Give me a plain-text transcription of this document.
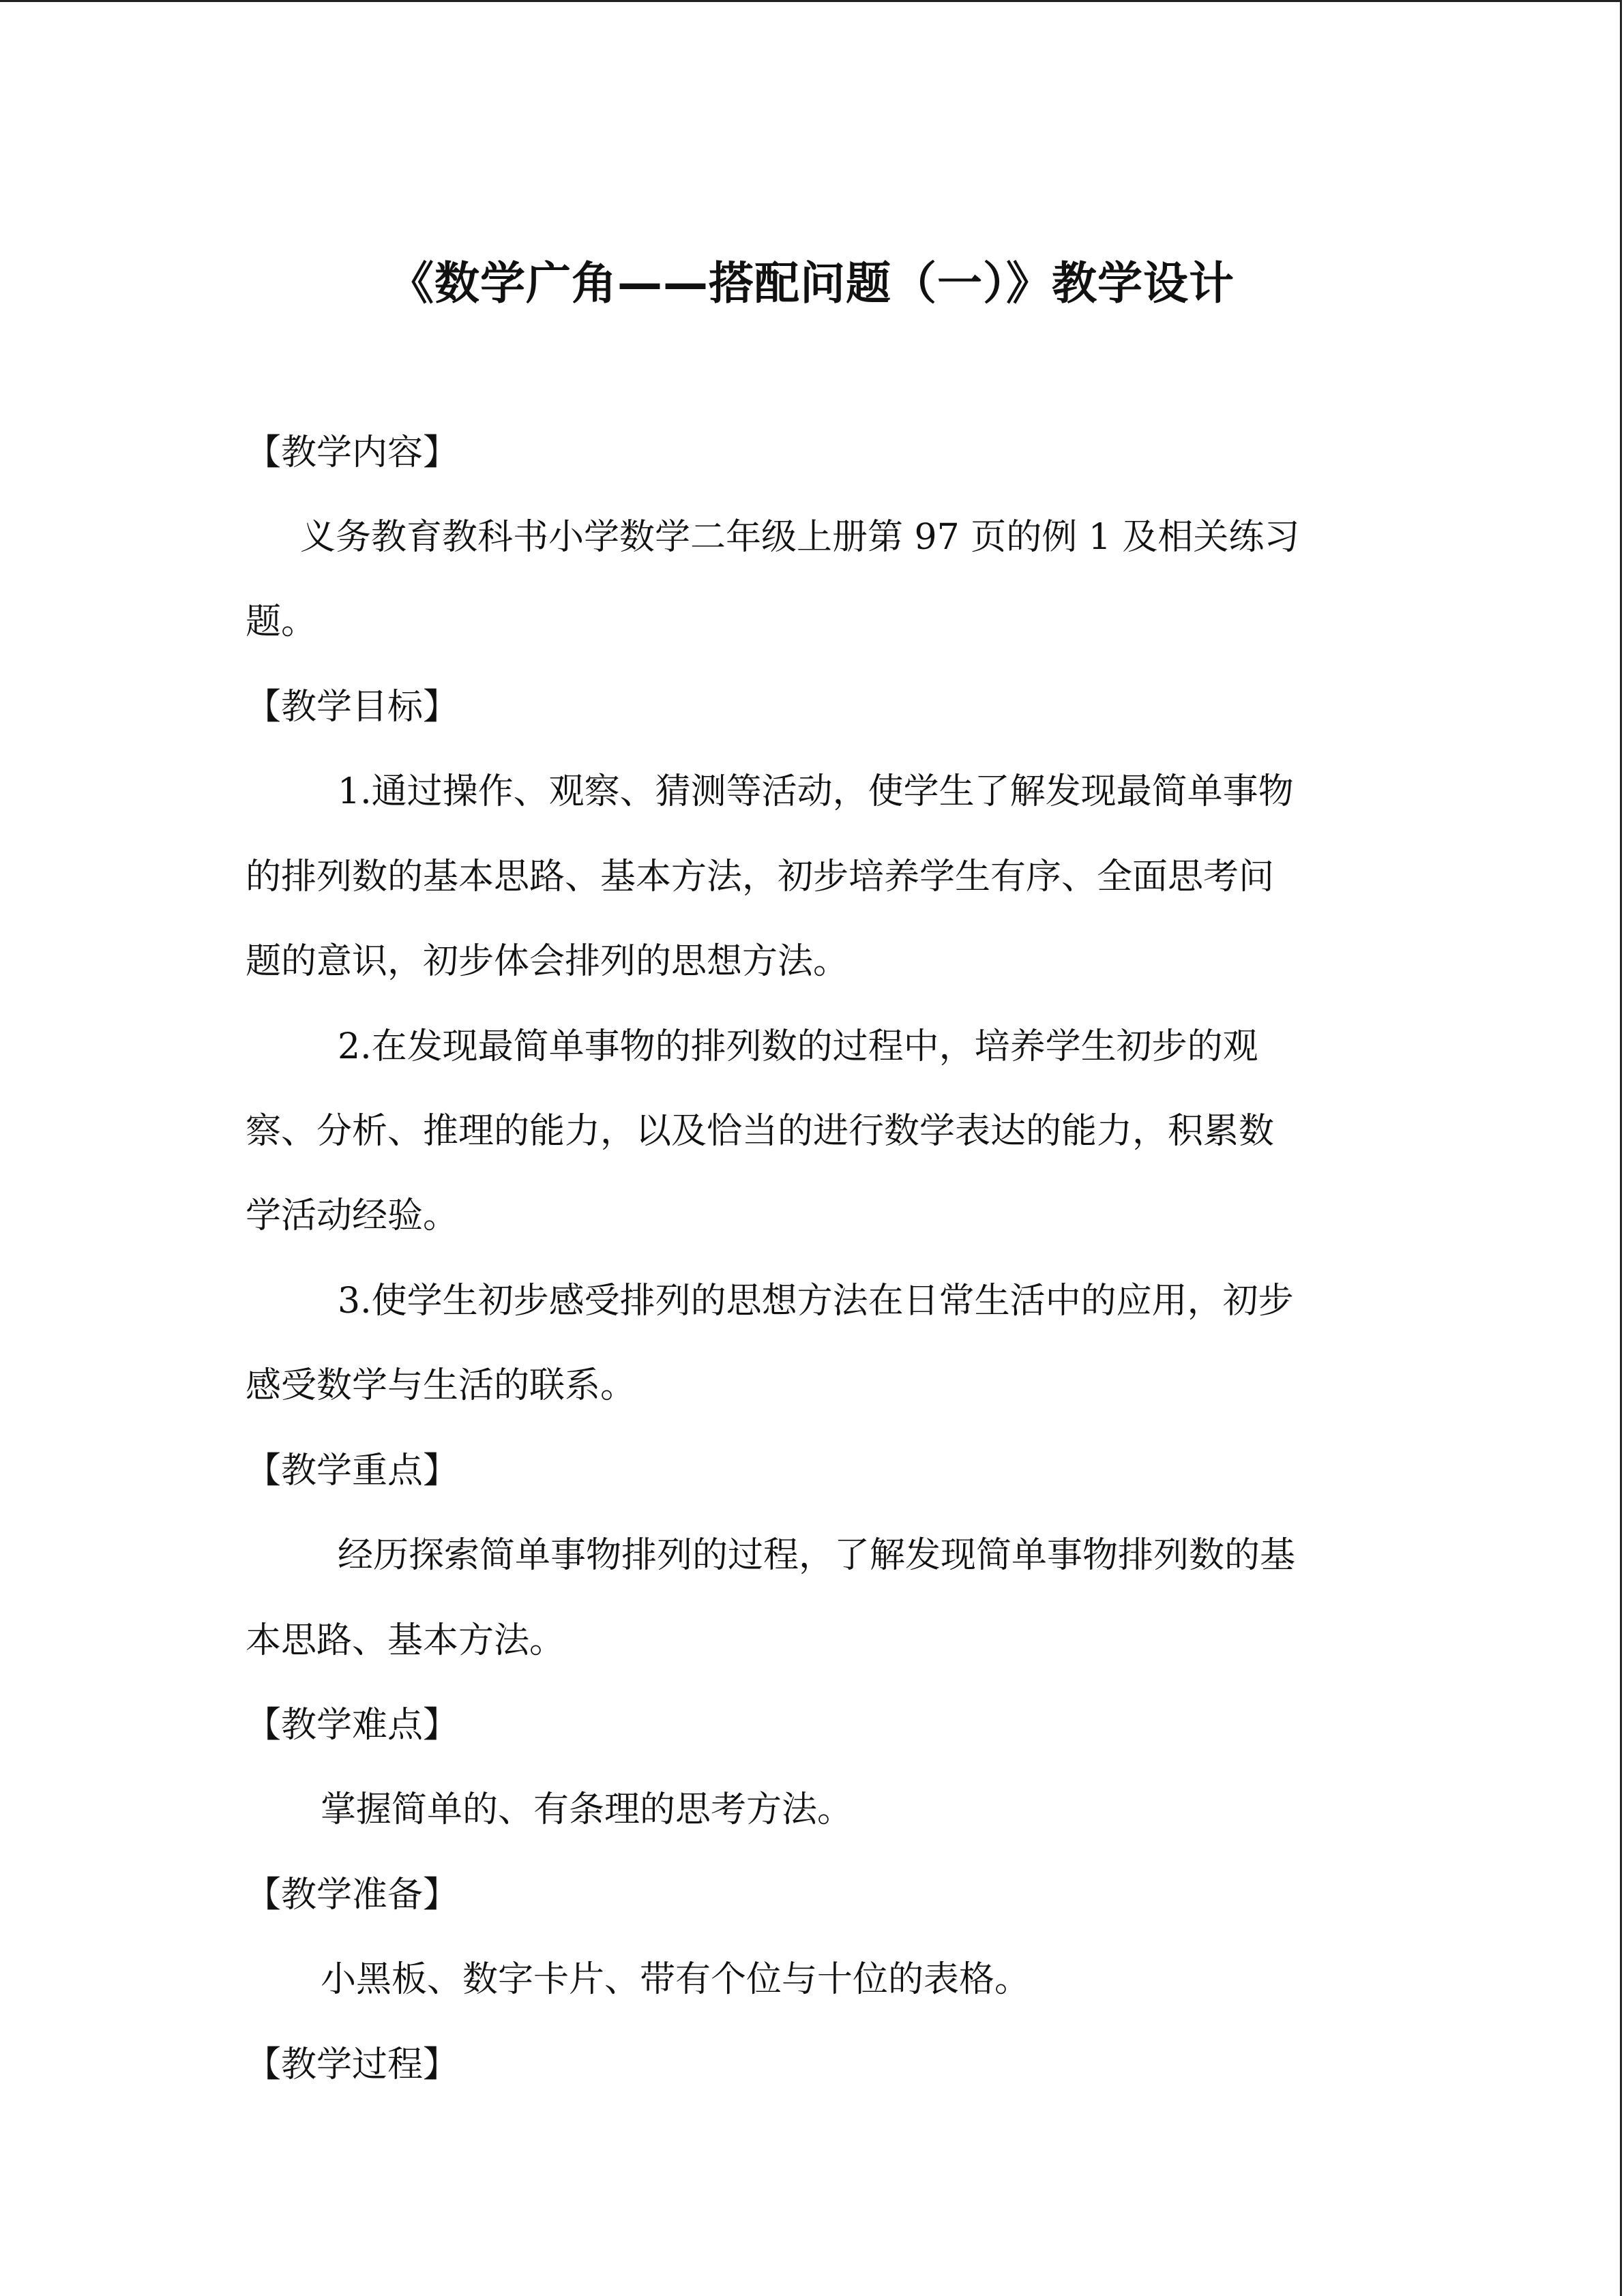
《数学广角——搭配问题（一）》教学设计
【教学内容】
义务教育教科书小学数学二年级上册第 97 页的例 1 及相关练习
题。
【教学目标】
1.通过操作、观察、猜测等活动，使学生了解发现最简单事物
的排列数的基本思路、基本方法，初步培养学生有序、全面思考问
题的意识，初步体会排列的思想方法。
2.在发现最简单事物的排列数的过程中，培养学生初步的观
察、分析、推理的能力，以及恰当的进行数学表达的能力，积累数
学活动经验。
3.使学生初步感受排列的思想方法在日常生活中的应用，初步
感受数学与生活的联系。
【教学重点】
经历探索简单事物排列的过程，了解发现简单事物排列数的基
本思路、基本方法。
【教学难点】
掌握简单的、有条理的思考方法。
【教学准备】
小黑板、数字卡片、带有个位与十位的表格。
【教学过程】
